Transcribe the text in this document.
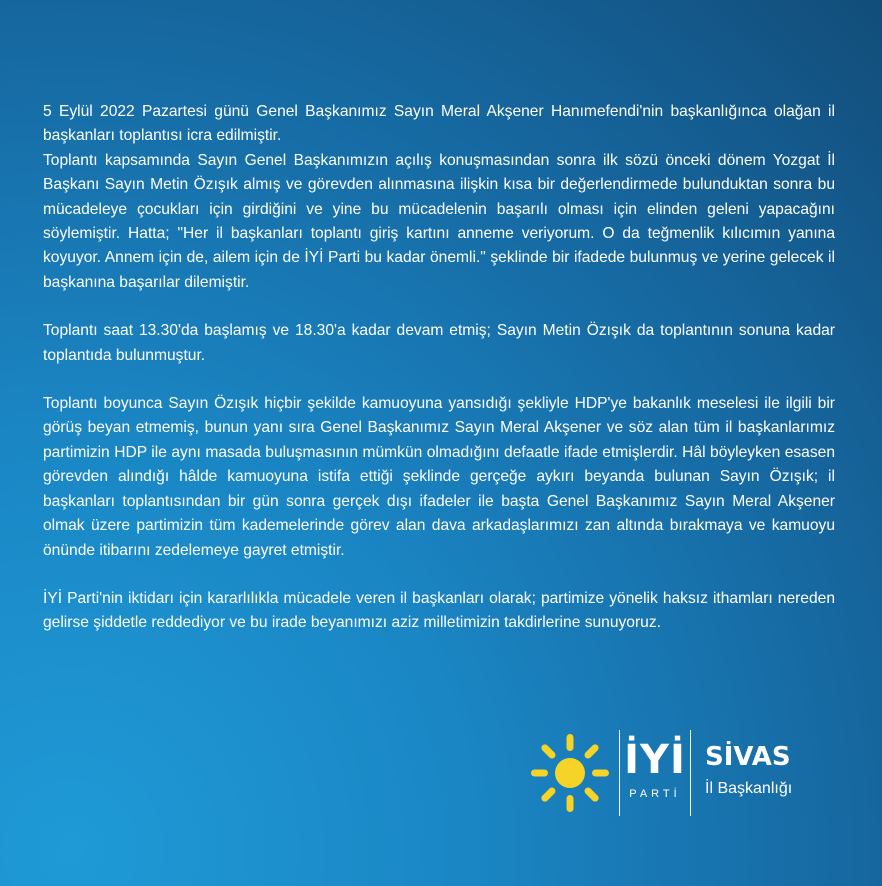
5 Eylül 2022 Pazartesi günü Genel Başkanımız Sayın Meral Akşener Hanımefendi'nin başkanlığınca olağan il başkanları toplantısı icra edilmiştir.

Toplantı kapsamında Sayın Genel Başkanımızın açılış konuşmasından sonra ilk sözü önceki dönem Yozgat İl Başkanı Sayın Metin Özışık almış ve görevden alınmasına ilişkin kısa bir değerlendirmede bulunduktan sonra bu mücadeleye çocukları için girdiğini ve yine bu mücadelenin başarılı olması için elinden geleni yapacağını söylemiştir. Hatta; "Her il başkanları toplantı giriş kartını anneme veriyorum. O da teğmenlik kılıcımın yanına koyuyor. Annem için de, ailem için de İYİ Parti bu kadar önemli." şeklinde bir ifadede bulunmuş ve yerine gelecek il başkanına başarılar dilemiştir.

Toplantı saat 13.30'da başlamış ve 18.30'a kadar devam etmiş; Sayın Metin Özışık da toplantının sonuna kadar toplantıda bulunmuştur.

Toplantı boyunca Sayın Özışık hiçbir şekilde kamuoyuna yansıdığı şekliyle HDP'ye bakanlık meselesi ile ilgili bir görüş beyan etmemiş, bunun yanı sıra Genel Başkanımız Sayın Meral Akşener ve söz alan tüm il başkanlarımız partimizin HDP ile aynı masada buluşmasının mümkün olmadığını defaatle ifade etmişlerdir. Hâl böyleyken esasen görevden alındığı hâlde kamuoyuna istifa ettiği şeklinde gerçeğe aykırı beyanda bulunan Sayın Özışık; il başkanları toplantısından bir gün sonra gerçek dışı ifadeler ile başta Genel Başkanımız Sayın Meral Akşener olmak üzere partimizin tüm kademelerinde görev alan dava arkadaşlarımızı zan altında bırakmaya ve kamuoyu önünde itibarını zedelemeye gayret etmiştir.

İYİ Parti'nin iktidarı için kararlılıkla mücadele veren il başkanları olarak; partimize yönelik haksız ithamları nereden gelirse şiddetle reddediyor ve bu irade beyanımızı aziz milletimizin takdirlerine sunuyoruz.

İYİ
PARTİ
SİVAS
İl Başkanlığı
